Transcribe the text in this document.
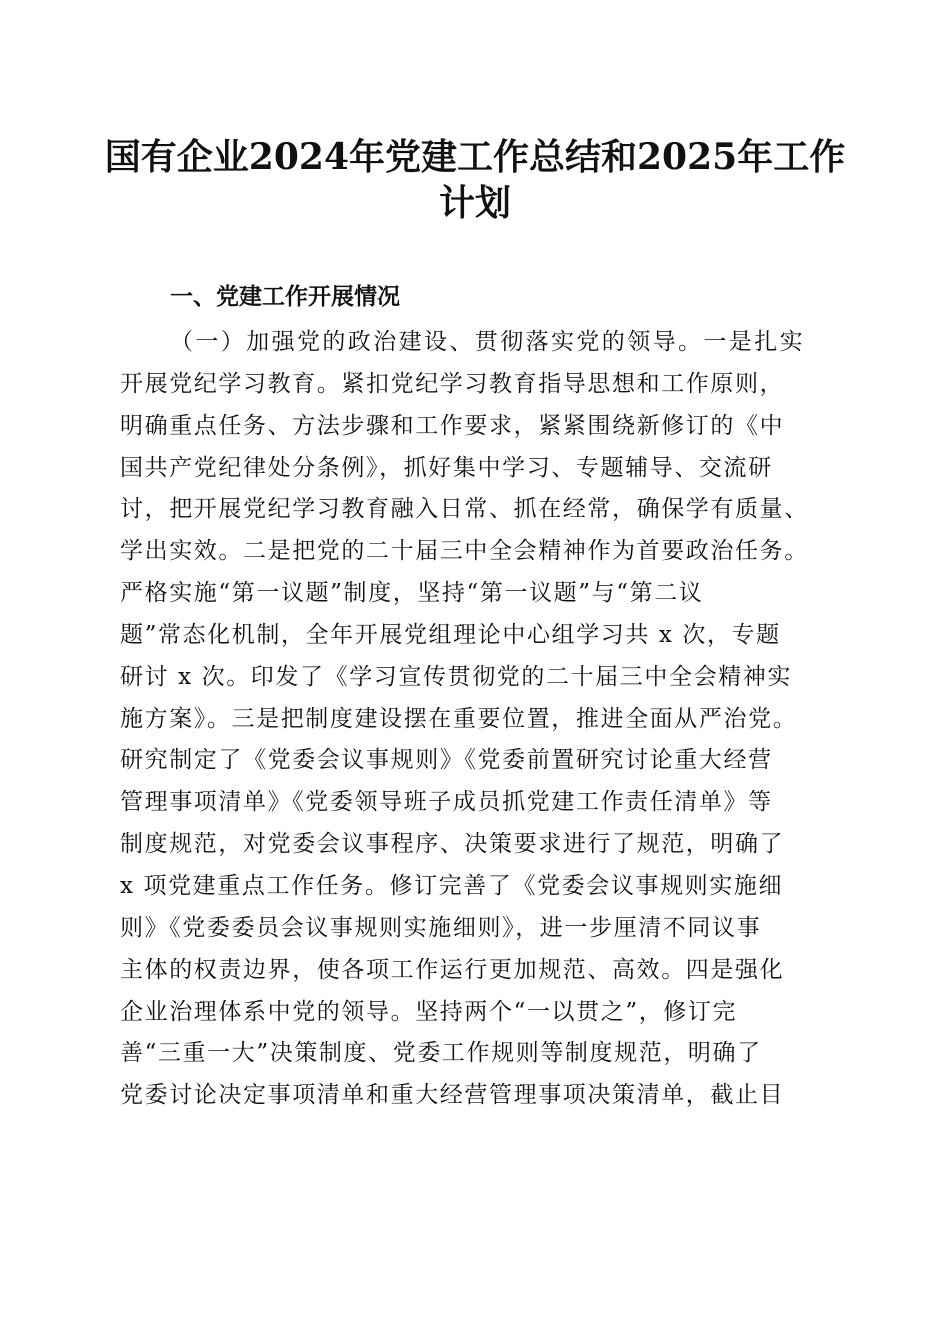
国有企业2024年党建工作总结和2025年工作
计划
一、党建工作开展情况
（一）加强党的政治建设、贯彻落实党的领导。一是扎实
开展党纪学习教育。紧扣党纪学习教育指导思想和工作原则，
明确重点任务、方法步骤和工作要求，紧紧围绕新修订的《中
国共产党纪律处分条例》，抓好集中学习、专题辅导、交流研
讨，把开展党纪学习教育融入日常、抓在经常，确保学有质量、
学出实效。二是把党的二十届三中全会精神作为首要政治任务。
严格实施“第一议题”制度，坚持“第一议题”与“第二议
题”常态化机制，全年开展党组理论中心组学习共 x 次，专题
研讨 x 次。印发了《学习宣传贯彻党的二十届三中全会精神实
施方案》。三是把制度建设摆在重要位置，推进全面从严治党。
研究制定了《党委会议事规则》《党委前置研究讨论重大经营
管理事项清单》《党委领导班子成员抓党建工作责任清单》等
制度规范，对党委会议事程序、决策要求进行了规范，明确了
x 项党建重点工作任务。修订完善了《党委会议事规则实施细
则》《党委委员会议事规则实施细则》，进一步厘清不同议事
主体的权责边界，使各项工作运行更加规范、高效。四是强化
企业治理体系中党的领导。坚持两个“一以贯之”，修订完
善“三重一大”决策制度、党委工作规则等制度规范，明确了
党委讨论决定事项清单和重大经营管理事项决策清单，截止目
